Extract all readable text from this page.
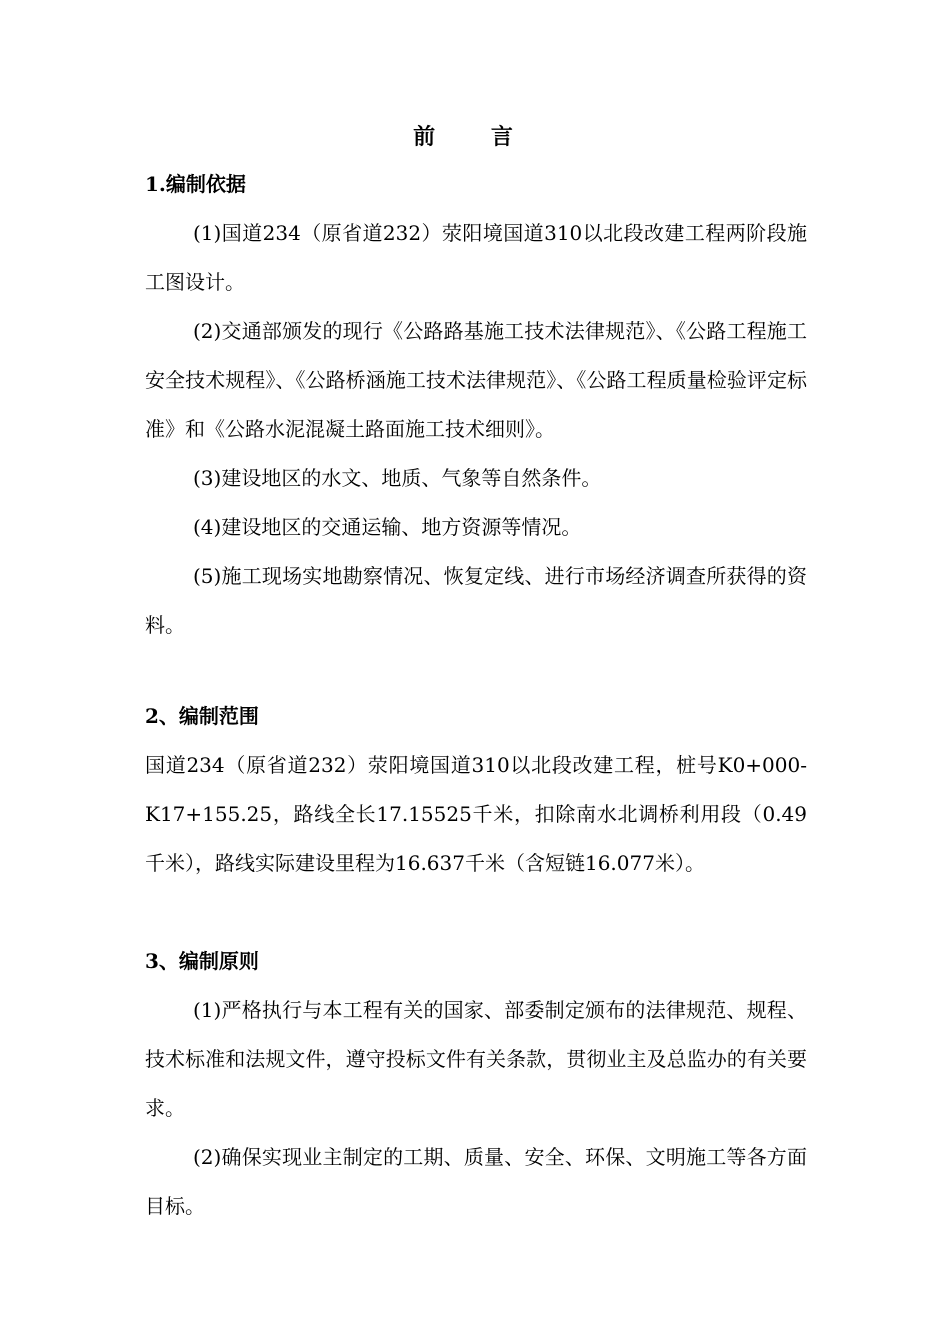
前 言

1.编制依据

(1)国道234（原省道232）荥阳境国道310以北段改建工程两阶段施工图设计。

(2)交通部颁发的现行《公路路基施工技术法律规范》、《公路工程施工安全技术规程》、《公路桥涵施工技术法律规范》、《公路工程质量检验评定标准》和《公路水泥混凝土路面施工技术细则》。

(3)建设地区的水文、地质、气象等自然条件。

(4)建设地区的交通运输、地方资源等情况。

(5)施工现场实地勘察情况、恢复定线、进行市场经济调查所获得的资料。

2、编制范围

国道234（原省道232）荥阳境国道310以北段改建工程，桩号K0+000-K17+155.25，路线全长17.15525千米，扣除南水北调桥利用段（0.49千米），路线实际建设里程为16.637千米（含短链16.077米）。

3、编制原则

(1)严格执行与本工程有关的国家、部委制定颁布的法律规范、规程、技术标准和法规文件，遵守投标文件有关条款，贯彻业主及总监办的有关要求。

(2)确保实现业主制定的工期、质量、安全、环保、文明施工等各方面目标。
